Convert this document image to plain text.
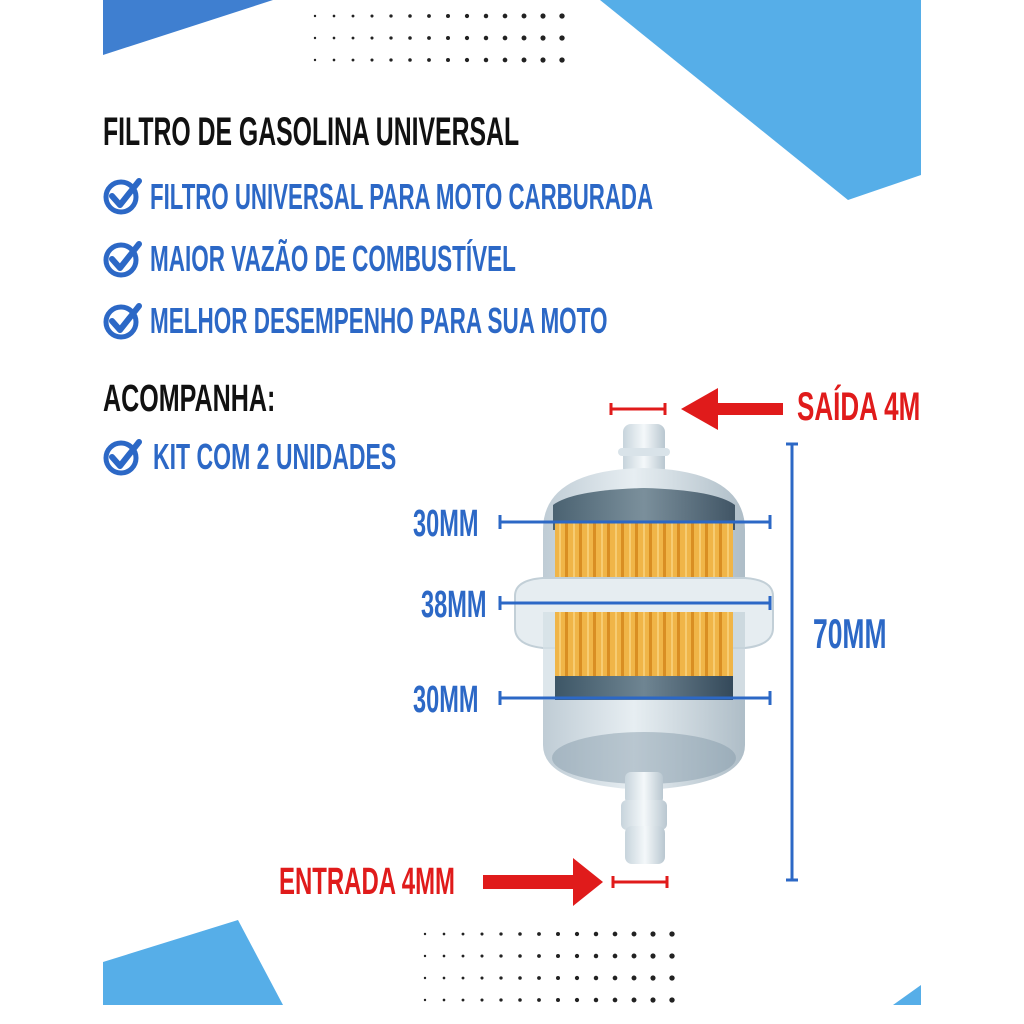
FILTRO DE GASOLINA UNIVERSAL
FILTRO UNIVERSAL PARA MOTO CARBURADA
MAIOR VAZÃO DE COMBUSTÍVEL
MELHOR DESEMPENHO PARA SUA MOTO
ACOMPANHA:
KIT COM 2 UNIDADES
SAÍDA 4M
30MM
38MM
30MM
70MM
ENTRADA 4MM
